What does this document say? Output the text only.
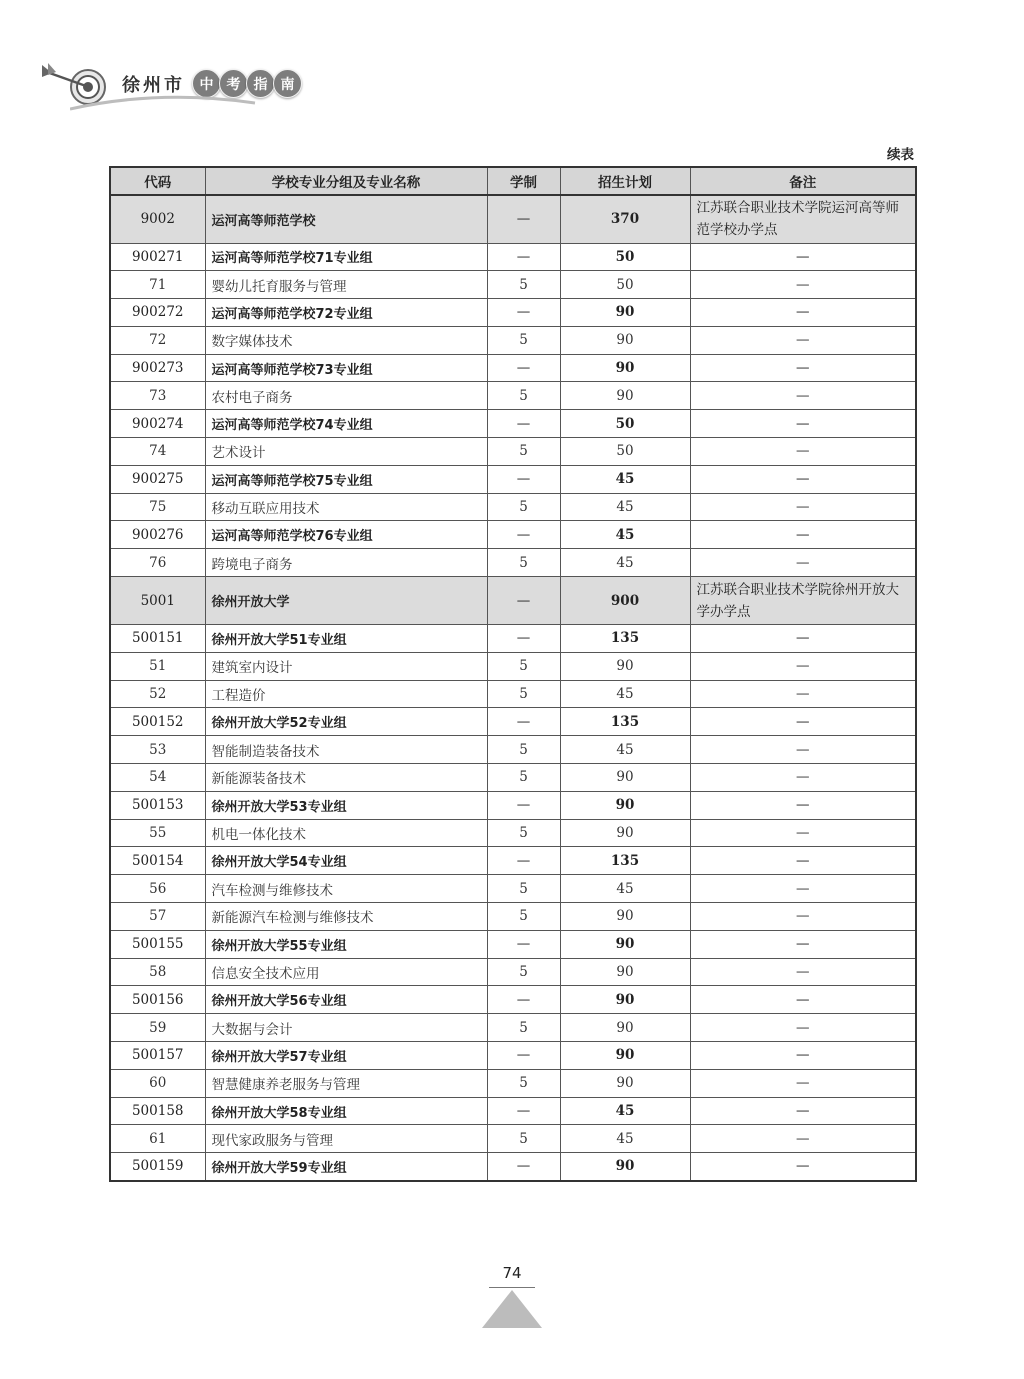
徐州市	中 考 指 南
续表
代码	学校专业分组及专业名称	学制	招生计划	备注
9002	运河高等师范学校	—	370	江苏联合职业技术学院运河高等师范学校办学点
900271	运河高等师范学校71专业组	—	50	—
71	婴幼儿托育服务与管理	5	50	—
900272	运河高等师范学校72专业组	—	90	—
72	数字媒体技术	5	90	—
900273	运河高等师范学校73专业组	—	90	—
73	农村电子商务	5	90	—
900274	运河高等师范学校74专业组	—	50	—
74	艺术设计	5	50	—
900275	运河高等师范学校75专业组	—	45	—
75	移动互联应用技术	5	45	—
900276	运河高等师范学校76专业组	—	45	—
76	跨境电子商务	5	45	—
5001	徐州开放大学	—	900	江苏联合职业技术学院徐州开放大学办学点
500151	徐州开放大学51专业组	—	135	—
51	建筑室内设计	5	90	—
52	工程造价	5	45	—
500152	徐州开放大学52专业组	—	135	—
53	智能制造装备技术	5	45	—
54	新能源装备技术	5	90	—
500153	徐州开放大学53专业组	—	90	—
55	机电一体化技术	5	90	—
500154	徐州开放大学54专业组	—	135	—
56	汽车检测与维修技术	5	45	—
57	新能源汽车检测与维修技术	5	90	—
500155	徐州开放大学55专业组	—	90	—
58	信息安全技术应用	5	90	—
500156	徐州开放大学56专业组	—	90	—
59	大数据与会计	5	90	—
500157	徐州开放大学57专业组	—	90	—
60	智慧健康养老服务与管理	5	90	—
500158	徐州开放大学58专业组	—	45	—
61	现代家政服务与管理	5	45	—
500159	徐州开放大学59专业组	—	90	—
74
